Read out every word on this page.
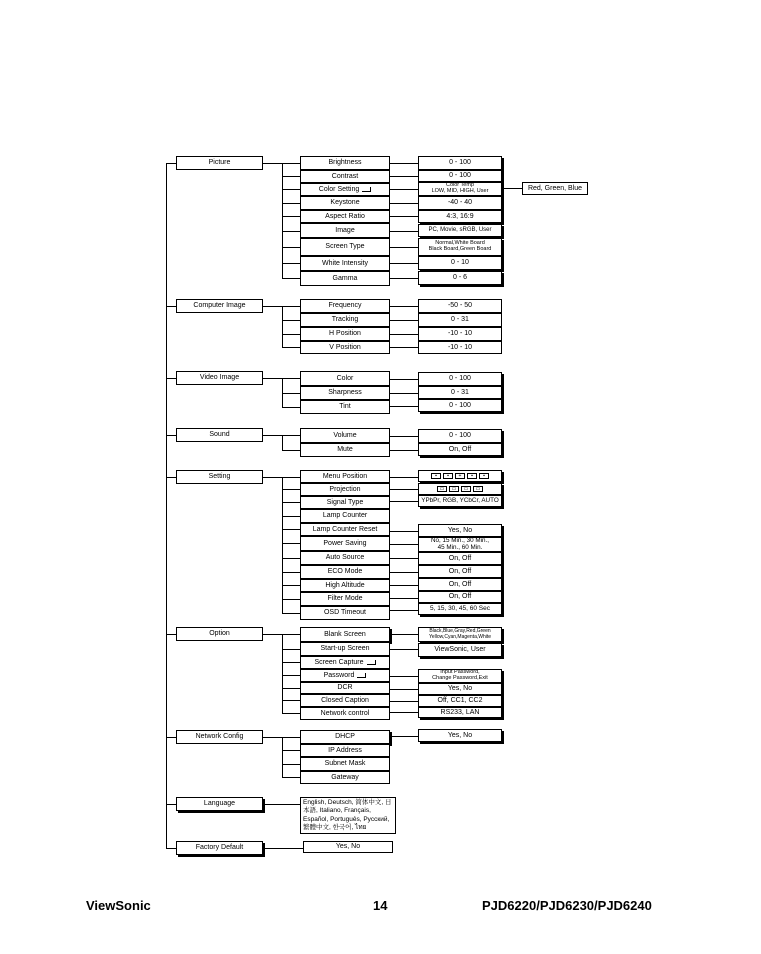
Picture
Computer Image
Video Image
Sound
Setting
Option
Network Config
Language
Factory Default
Brightness
Contrast
Color Setting
Keystone
Aspect Ratio
Image
Screen Type
White Intensity
Gamma
0 - 100
0 - 100
Color Temp
LOW, MID, HIGH, User
-40 - 40
4:3, 16:9
PC, Movie, sRGB, User
Normal,White Board
Black Board,Green Board
0 - 10
0 - 6
Red, Green, Blue
Frequency
Tracking
H Position
V Position
-50 - 50
0 - 31
-10 - 10
-10 - 10
Color
Sharpness
Tint
0 - 100
0 - 31
0 - 100
Volume
Mute
0 - 100
On, Off
Menu Position
Projection
Signal Type
Lamp Counter
Lamp Counter Reset
Power Saving
Auto Source
ECO Mode
High Altitude
Filter Mode
OSD Timeout
▪	▪	+	▪	▪
▭	▭	▭	▭
YPbPr, RGB, YCbCr, AUTO
Yes, No
No, 15 Min., 30 Min.,
45 Min., 60 Min.
On, Off
On, Off
On, Off
On, Off
5, 15, 30, 45, 60 Sec
Blank Screen
Start-up Screen
Screen Capture
Password
DCR
Closed Caption
Network control
Black,Blue,Gray,Red,Green
Yellow,Cyan,Magenta,White
ViewSonic, User
Input Password,
Change Password,Exit
Yes, No
Off, CC1, CC2
RS233, LAN
DHCP
IP Address
Subnet Mask
Gateway
Yes, No
English, Deutsch, 简体中文, 日本語, Italiano, Français, Español, Português, Русский, 繁體中文, 한국어, ไทย
Yes, No
ViewSonic	14	PJD6220/PJD6230/PJD6240
